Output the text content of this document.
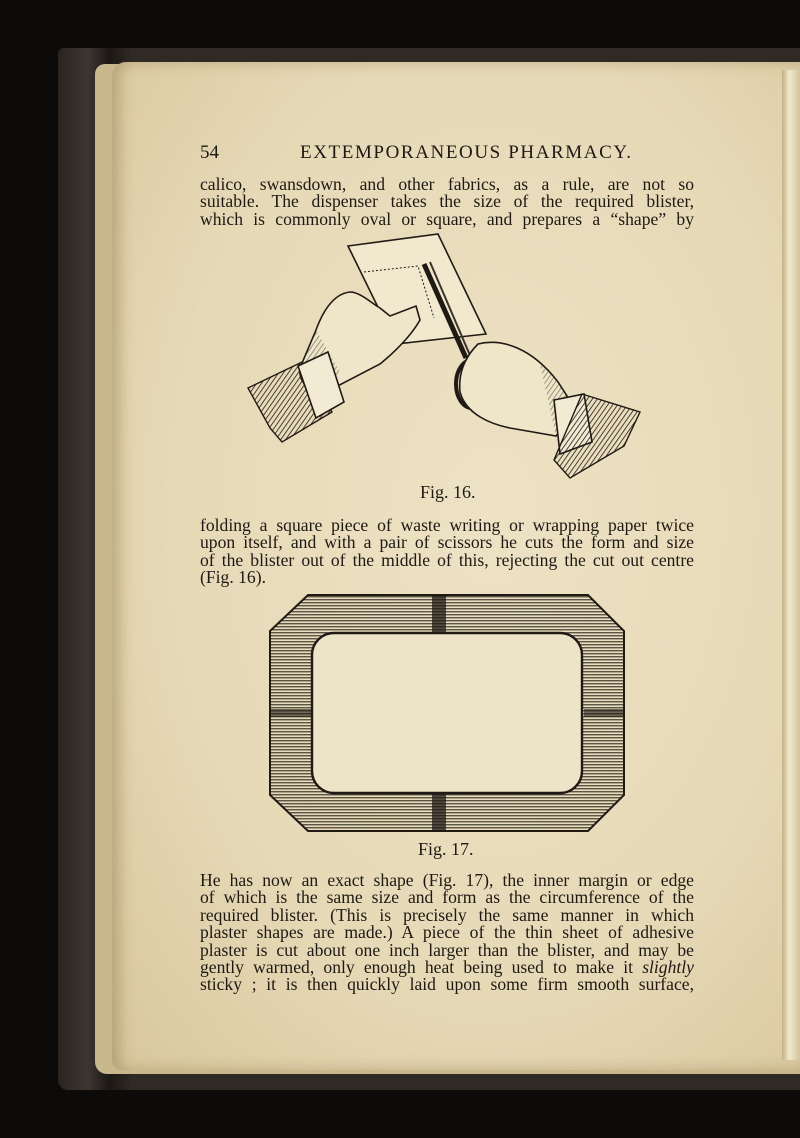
54	EXTEMPORANEOUS PHARMACY.
calico, swansdown, and other fabrics, as a rule, are not so
suitable. The dispenser takes the size of the required blister,
which is commonly oval or square, and prepares a “shape” by
Fig. 16.
folding a square piece of waste writing or wrapping paper twice
upon itself, and with a pair of scissors he cuts the form and size
of the blister out of the middle of this, rejecting the cut out centre
(Fig. 16).
Fig. 17.
He has now an exact shape (Fig. 17), the inner margin or edge
of which is the same size and form as the circumference of the
required blister. (This is precisely the same manner in which
plaster shapes are made.) A piece of the thin sheet of adhesive
plaster is cut about one inch larger than the blister, and may be
gently warmed, only enough heat being used to make it slightly
sticky ; it is then quickly laid upon some firm smooth surface,
